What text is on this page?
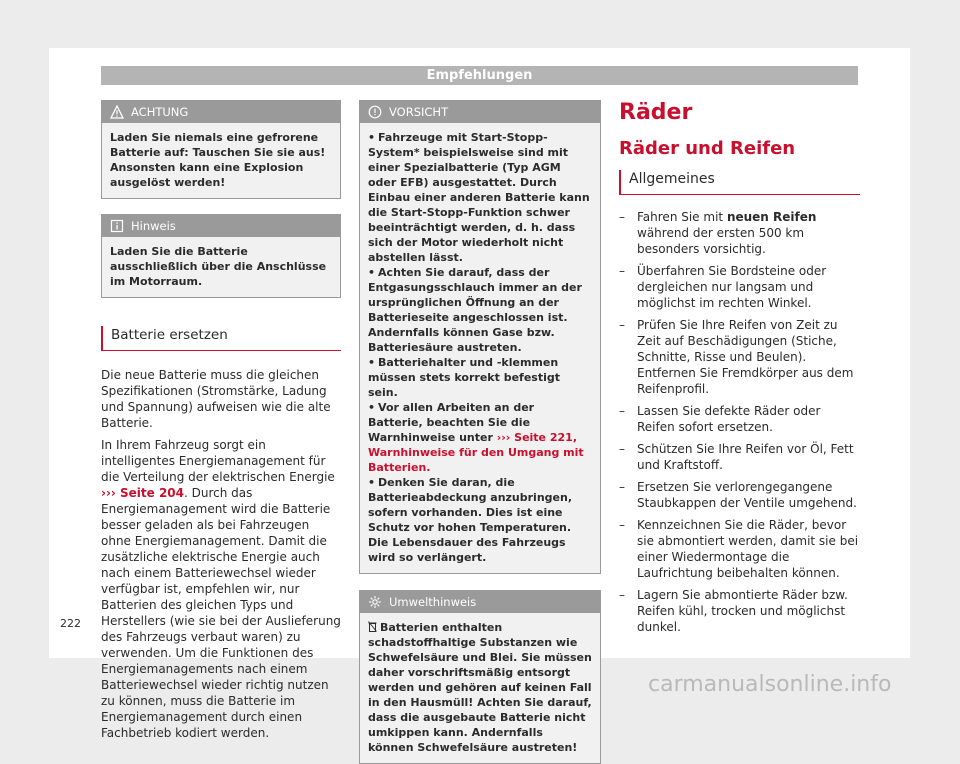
Empfehlungen
ACHTUNG

Laden Sie niemals eine gefrorene Batterie auf: Tauschen Sie sie aus! Ansonsten kann eine Explosion ausgelöst werden!

Hinweis

Laden Sie die Batterie ausschließlich über die Anschlüsse im Motorraum.

Batterie ersetzen

Die neue Batterie muss die gleichen Spezifikationen (Stromstärke, Ladung und Spannung) aufweisen wie die alte Batterie.

In Ihrem Fahrzeug sorgt ein intelligentes Energiemanagement für die Verteilung der elektrischen Energie ››› Seite 204. Durch das Energiemanagement wird die Batterie besser geladen als bei Fahrzeugen ohne Energiemanagement. Damit die zusätzliche elektrische Energie auch nach einem Batteriewechsel wieder verfügbar ist, empfehlen wir, nur Batterien des gleichen Typs und Herstellers (wie sie bei der Auslieferung des Fahrzeugs verbaut waren) zu verwenden. Um die Funktionen des Energiemanagements nach einem Batteriewechsel wieder richtig nutzen zu können, muss die Batterie im Energiemanagement durch einen Fachbetrieb kodiert werden.

VORSICHT

• Fahrzeuge mit Start-Stopp-System* beispielsweise sind mit einer Spezialbatterie (Typ AGM oder EFB) ausgestattet. Durch Einbau einer anderen Batterie kann die Start-Stopp-Funktion schwer beeinträchtigt werden, d. h. dass sich der Motor wiederholt nicht abstellen lässt.

• Achten Sie darauf, dass der Entgasungsschlauch immer an der ursprünglichen Öffnung an der Batterieseite angeschlossen ist. Andernfalls können Gase bzw. Batteriesäure austreten.

• Batteriehalter und -klemmen müssen stets korrekt befestigt sein.

• Vor allen Arbeiten an der Batterie, beachten Sie die Warnhinweise unter ››› Seite 221, Warnhinweise für den Umgang mit Batterien.

• Denken Sie daran, die Batterieabdeckung anzubringen, sofern vorhanden. Dies ist eine Schutz vor hohen Temperaturen. Die Lebensdauer des Fahrzeugs wird so verlängert.

Umwelthinweis

Batterien enthalten schadstoffhaltige Substanzen wie Schwefelsäure und Blei. Sie müssen daher vorschriftsmäßig entsorgt werden und gehören auf keinen Fall in den Hausmüll! Achten Sie darauf, dass die ausgebaute Batterie nicht umkippen kann. Andernfalls können Schwefelsäure austreten!

Räder
Räder und Reifen
Allgemeines
– Fahren Sie mit neuen Reifen während der ersten 500 km besonders vorsichtig.
– Überfahren Sie Bordsteine oder dergleichen nur langsam und möglichst im rechten Winkel.
– Prüfen Sie Ihre Reifen von Zeit zu Zeit auf Beschädigungen (Stiche, Schnitte, Risse und Beulen). Entfernen Sie Fremdkörper aus dem Reifenprofil.
– Lassen Sie defekte Räder oder Reifen sofort ersetzen.
– Schützen Sie Ihre Reifen vor Öl, Fett und Kraftstoff.
– Ersetzen Sie verlorengegangene Staubkappen der Ventile umgehend.
– Kennzeichnen Sie die Räder, bevor sie abmontiert werden, damit sie bei einer Wiedermontage die Laufrichtung beibehalten können.
– Lagern Sie abmontierte Räder bzw. Reifen kühl, trocken und möglichst dunkel.
222
carmanualsonline.info
